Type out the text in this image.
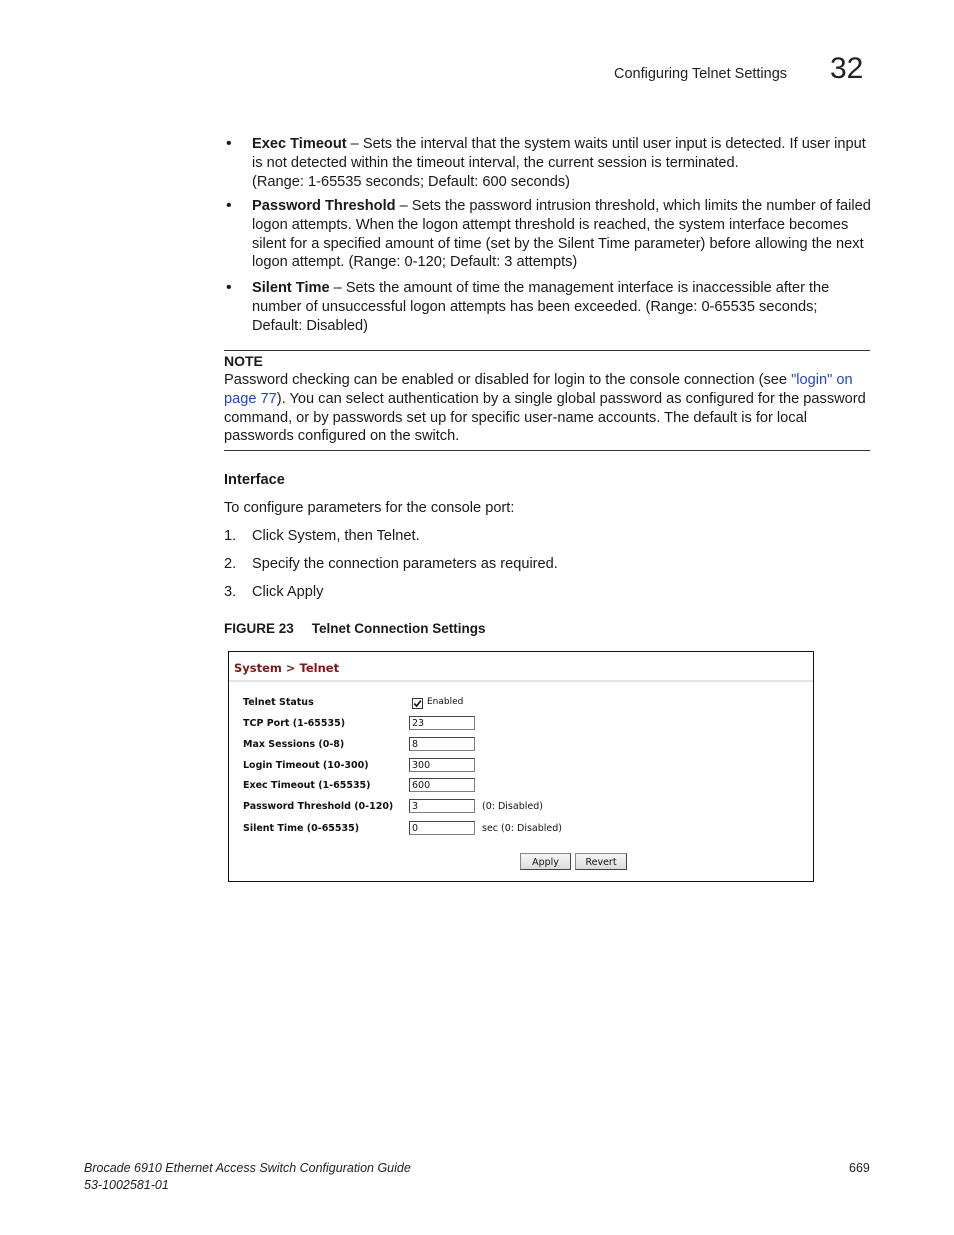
Configuring Telnet Settings 32
• Exec Timeout – Sets the interval that the system waits until user input is detected. If user input
is not detected within the timeout interval, the current session is terminated.
(Range: 1-65535 seconds; Default: 600 seconds)
• Password Threshold – Sets the password intrusion threshold, which limits the number of failed
logon attempts. When the logon attempt threshold is reached, the system interface becomes
silent for a specified amount of time (set by the Silent Time parameter) before allowing the next
logon attempt. (Range: 0-120; Default: 3 attempts)
• Silent Time – Sets the amount of time the management interface is inaccessible after the
number of unsuccessful logon attempts has been exceeded. (Range: 0-65535 seconds;
Default: Disabled)
NOTE
Password checking can be enabled or disabled for login to the console connection (see "login" on
page 77). You can select authentication by a single global password as configured for the password
command, or by passwords set up for specific user-name accounts. The default is for local
passwords configured on the switch.
Interface
To configure parameters for the console port:
1. Click System, then Telnet.
2. Specify the connection parameters as required.
3. Click Apply
FIGURE 23 Telnet Connection Settings
System > Telnet
Telnet Status	Enabled
TCP Port (1-65535)	23
Max Sessions (0-8)	8
Login Timeout (10-300)	300
Exec Timeout (1-65535)	600
Password Threshold (0-120)	3	(0: Disabled)
Silent Time (0-65535)	0	sec (0: Disabled)
Apply	Revert
Brocade 6910 Ethernet Access Switch Configuration Guide
53-1002581-01
669
